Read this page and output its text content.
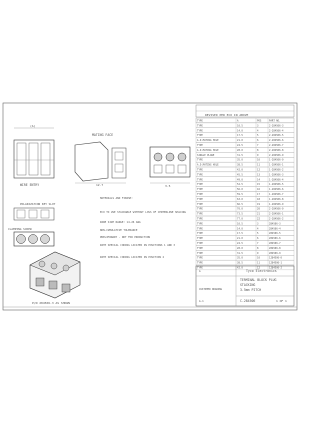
REVISED PER ECO IN ABOVE
WIRE ENTRY
(A)
MATING FACE
12.7	3.5
POLARIZATION KEY SLOT
CLAMPING SCREW
P/N 284506-3 AS SHOWN
MATERIALS AND FINISH:
ECO TO USE STACKABLE WITHOUT LOSS OF CENTERLINE SPACING
WIRE SIZE RANGE: 14-26 AWG
NON-CUMULATIVE TOLERANCE
PRELIMINARY - NOT FOR PRODUCTION
WITH SPECIAL CODING LOCATED IN POSITIONS 1 AND 3
WITH SPECIAL CODING LOCATED IN POSITION 2
TYPE	A	POS	PART NO.
TYPE	10.5	3	2-284506-3
TYPE	14.0	4	2-284506-4
TYPE	17.5	5	2-284506-5
A.D.MATING HOLE	21.0	6	2-284506-6
TYPE	24.5	7	2-284506-7
A.D.MATING HOLE	28.0	8	2-284506-8
SINGLE PLANE	31.5	9	2-284506-9
TYPE	35.0	10	1-284506-0
A.D.MATING HOLE	38.5	11	1-284506-1
TYPE	42.0	12	1-284506-2
TYPE	45.5	13	1-284506-3
TYPE	49.0	14	1-284506-4
TYPE	52.5	15	1-284506-5
TYPE	56.0	16	1-284506-6
TYPE	59.5	17	1-284506-7
TYPE	63.0	18	1-284506-8
TYPE	66.5	19	1-284506-9
TYPE	70.0	20	2-284506-0
TYPE	73.5	21	2-284506-1
TYPE	77.0	22	2-284506-2
TYPE	10.5	3	284506-3
TYPE	14.0	4	284506-4
TYPE	17.5	5	284506-5
TYPE	21.0	6	284506-6
TYPE	24.5	7	284506-7
TYPE	28.0	8	284506-8
TYPE	31.5	9	284506-9
TYPE	35.0	10	1284506-0
TYPE	38.5	11	1284506-1
TYPE	42.0	12	1284506-2
Tyco Electronics
TERMINAL BLOCK PLUG
STACKING
3.5mm PITCH
C-284506	1 OF 1
A
A-1
CUSTOMER DRAWING
